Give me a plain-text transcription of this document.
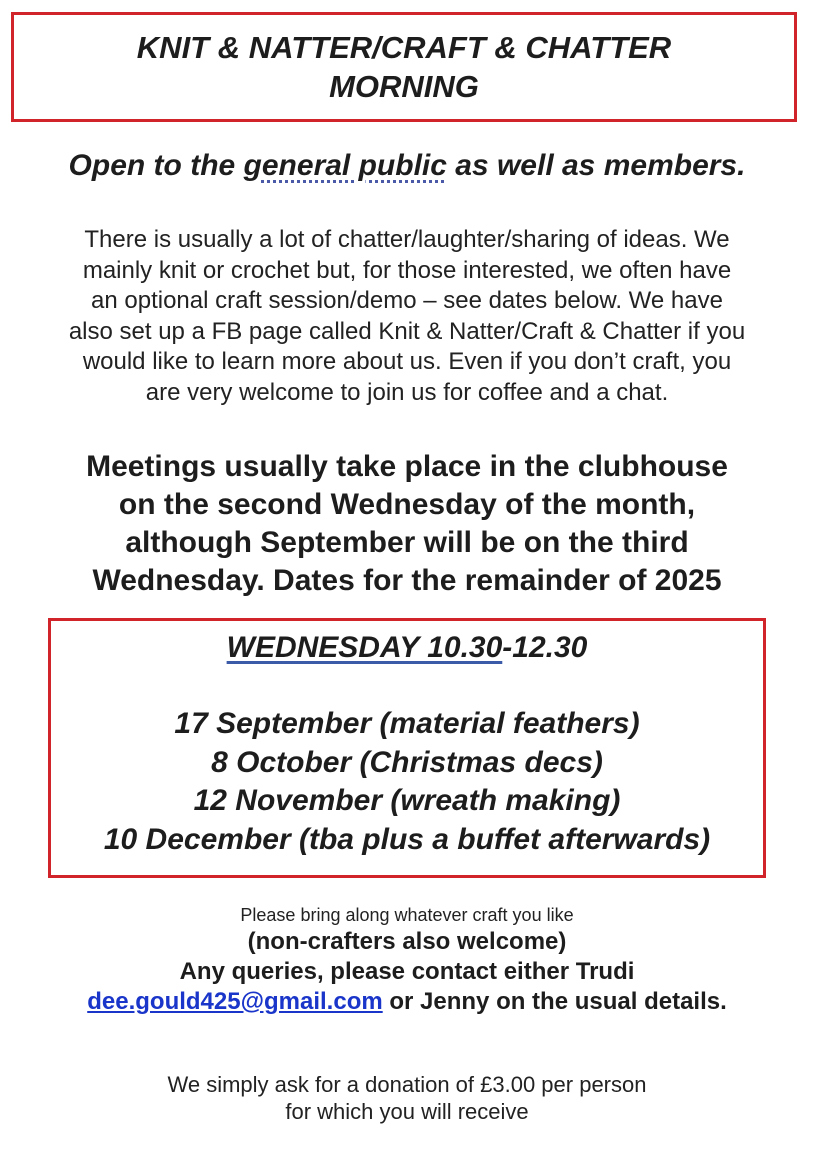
KNIT & NATTER/CRAFT & CHATTER
MORNING

Open to the general public as well as members.

There is usually a lot of chatter/laughter/sharing of ideas. We
mainly knit or crochet but, for those interested, we often have
an optional craft session/demo – see dates below. We have
also set up a FB page called Knit & Natter/Craft & Chatter if you
would like to learn more about us. Even if you don’t craft, you
are very welcome to join us for coffee and a chat.

Meetings usually take place in the clubhouse
on the second Wednesday of the month,
although September will be on the third
Wednesday. Dates for the remainder of 2025

WEDNESDAY 10.30-12.30

17 September (material feathers)
8 October (Christmas decs)
12 November (wreath making)
10 December (tba plus a buffet afterwards)

Please bring along whatever craft you like

(non-crafters also welcome)

Any queries, please contact either Trudi
dee.gould425@gmail.com or Jenny on the usual details.

We simply ask for a donation of £3.00 per person
for which you will receive
